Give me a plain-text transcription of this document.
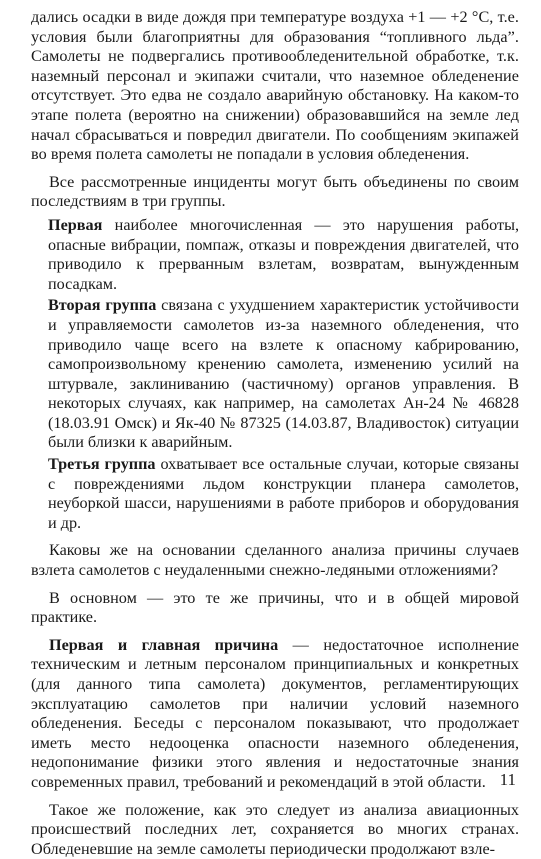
дались осадки в виде дождя при температуре воздуха +1 — +2 °С, т.е. условия были благоприятны для образования “топливного льда”. Самолеты не подвергались противообледенительной обработке, т.к. наземный персонал и экипажи считали, что наземное обледенение отсутствует. Это едва не создало аварийную обстановку. На каком-то этапе полета (вероятно на снижении) образовавшийся на земле лед начал сбрасываться и повредил двигатели. По сообщениям экипажей во время полета самолеты не попадали в условия обледенения.

Все рассмотренные инциденты могут быть объединены по своим последствиям в три группы.

Первая наиболее многочисленная — это нарушения работы, опасные вибрации, помпаж, отказы и повреждения двигателей, что приводило к прерванным взлетам, возвратам, вынужденным посадкам.

Вторая группа связана с ухудшением характеристик устойчивости и управляемости самолетов из-за наземного обледенения, что приводило чаще всего на взлете к опасному кабрированию, самопроизвольному кренению самолета, изменению усилий на штурвале, заклиниванию (частичному) органов управления. В некоторых случаях, как например, на самолетах Ан-24 № 46828 (18.03.91 Омск) и Як-40 № 87325 (14.03.87, Владивосток) ситуации были близки к аварийным.

Третья группа охватывает все остальные случаи, которые связаны с повреждениями льдом конструкции планера самолетов, неуборкой шасси, нарушениями в работе приборов и оборудования и др.

Каковы же на основании сделанного анализа причины случаев взлета самолетов с неудаленными снежно-ледяными отложениями?

В основном — это те же причины, что и в общей мировой практике.

Первая и главная причина — недостаточное исполнение техническим и летным персоналом принципиальных и конкретных (для данного типа самолета) документов, регламентирующих эксплуатацию самолетов при наличии условий наземного обледенения. Беседы с персоналом показывают, что продолжает иметь место недооценка опасности наземного обледенения, недопонимание физики этого явления и недостаточные знания современных правил, требований и рекомендаций в этой области.

Такое же положение, как это следует из анализа авиационных происшествий последних лет, сохраняется во многих странах. Обледеневшие на земле самолеты периодически продолжают взле-

11
